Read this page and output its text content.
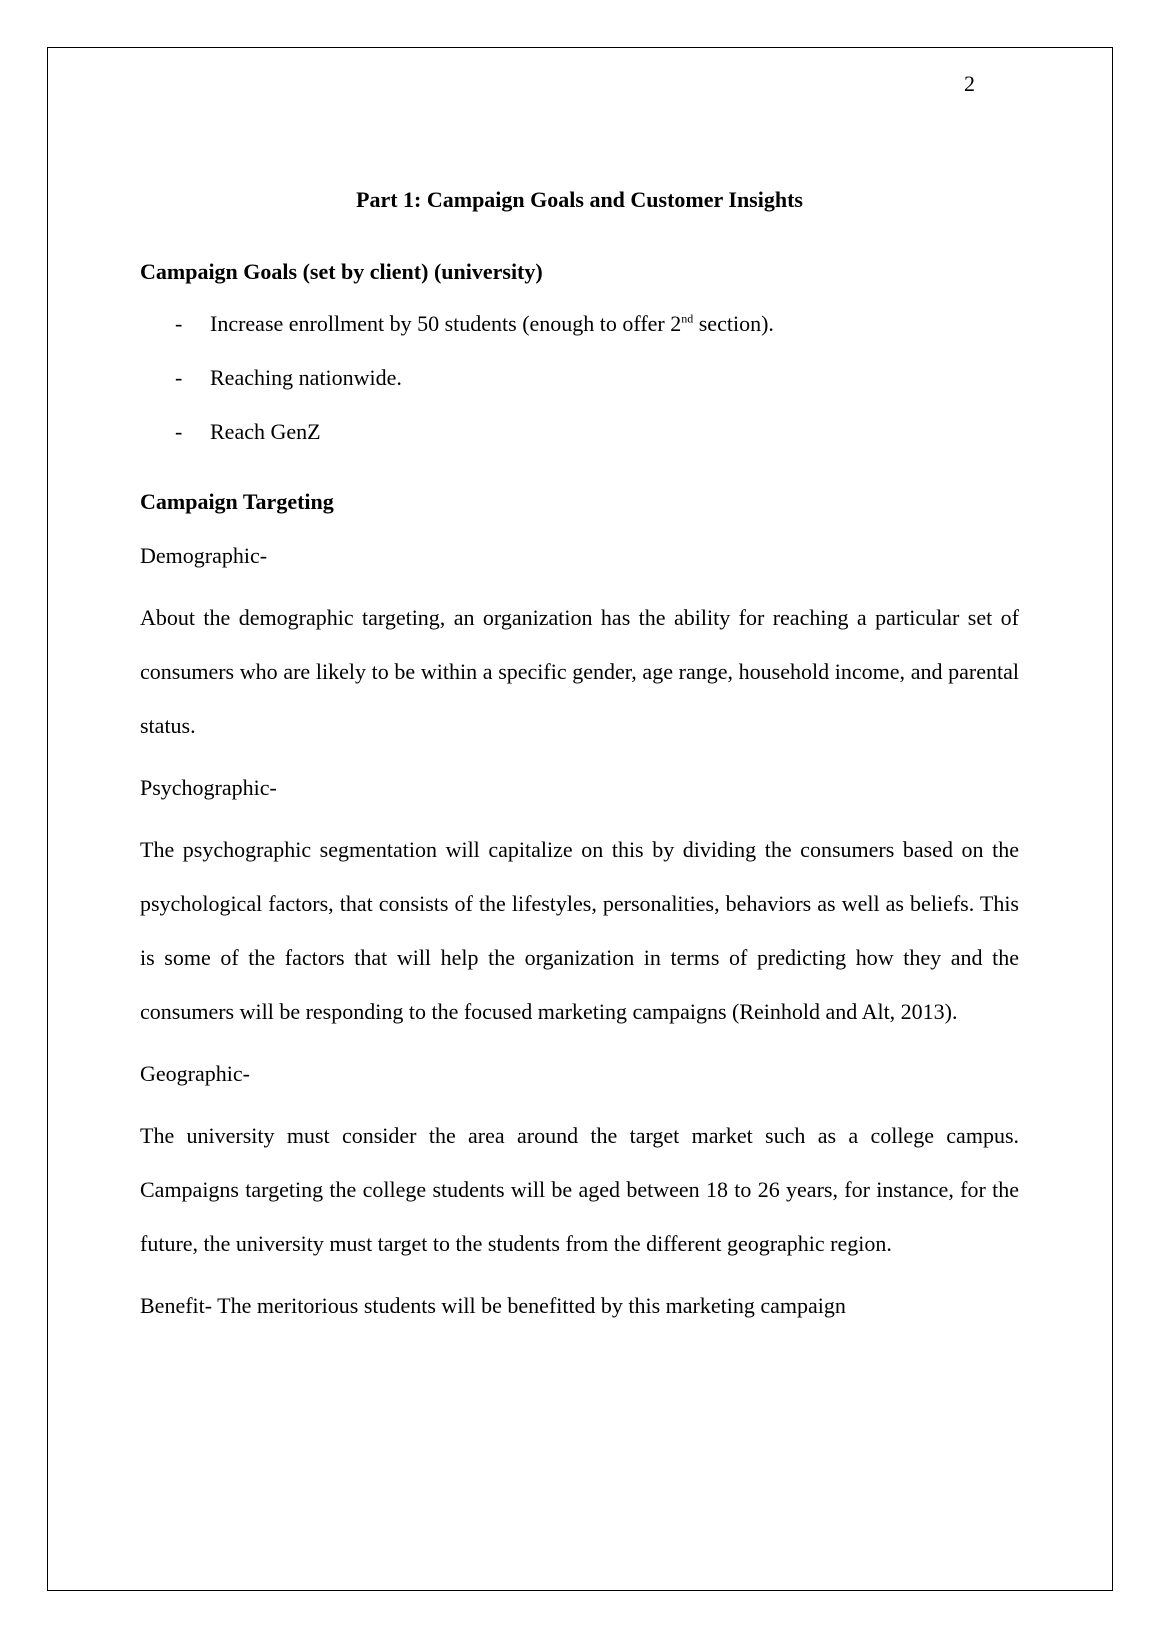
2
Part 1: Campaign Goals and Customer Insights
Campaign Goals (set by client) (university)
-	Increase enrollment by 50 students (enough to offer 2nd section).
-	Reaching nationwide.
-	Reach GenZ
Campaign Targeting

Demographic-

About the demographic targeting, an organization has the ability for reaching a particular set of consumers who are likely to be within a specific gender, age range, household income, and parental status.

Psychographic-

The psychographic segmentation will capitalize on this by dividing the consumers based on the psychological factors, that consists of the lifestyles, personalities, behaviors as well as beliefs. This is some of the factors that will help the organization in terms of predicting how they and the consumers will be responding to the focused marketing campaigns (Reinhold and Alt, 2013).

Geographic-

The university must consider the area around the target market such as a college campus. Campaigns targeting the college students will be aged between 18 to 26 years, for instance, for the future, the university must target to the students from the different geographic region.

Benefit- The meritorious students will be benefitted by this marketing campaign
